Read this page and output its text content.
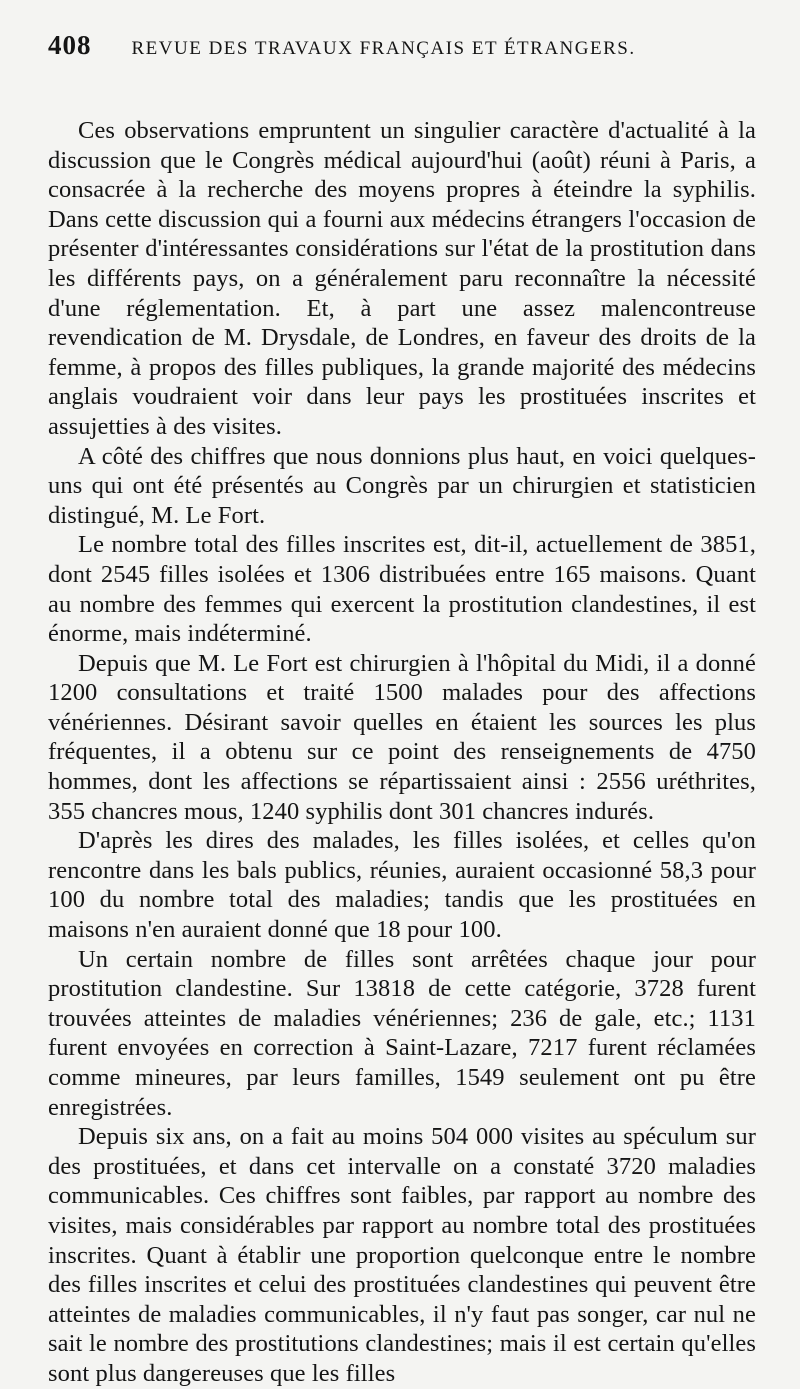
408 REVUE DES TRAVAUX FRANÇAIS ET ÉTRANGERS.

Ces observations empruntent un singulier caractère d'actualité à la discussion que le Congrès médical aujourd'hui (août) réuni à Paris, a consacrée à la recherche des moyens propres à éteindre la syphilis. Dans cette discussion qui a fourni aux médecins étrangers l'occasion de présenter d'intéressantes considérations sur l'état de la prostitution dans les différents pays, on a généralement paru reconnaître la nécessité d'une réglementation. Et, à part une assez malencontreuse revendication de M. Drysdale, de Londres, en faveur des droits de la femme, à propos des filles publiques, la grande majorité des médecins anglais voudraient voir dans leur pays les prostituées inscrites et assujetties à des visites.

A côté des chiffres que nous donnions plus haut, en voici quelques-uns qui ont été présentés au Congrès par un chirurgien et statisticien distingué, M. Le Fort.

Le nombre total des filles inscrites est, dit-il, actuellement de 3851, dont 2545 filles isolées et 1306 distribuées entre 165 maisons. Quant au nombre des femmes qui exercent la prostitution clandestines, il est énorme, mais indéterminé.

Depuis que M. Le Fort est chirurgien à l'hôpital du Midi, il a donné 1200 consultations et traité 1500 malades pour des affections vénériennes. Désirant savoir quelles en étaient les sources les plus fréquentes, il a obtenu sur ce point des renseignements de 4750 hommes, dont les affections se répartissaient ainsi : 2556 uréthrites, 355 chancres mous, 1240 syphilis dont 301 chancres indurés.

D'après les dires des malades, les filles isolées, et celles qu'on rencontre dans les bals publics, réunies, auraient occasionné 58,3 pour 100 du nombre total des maladies; tandis que les prostituées en maisons n'en auraient donné que 18 pour 100.

Un certain nombre de filles sont arrêtées chaque jour pour prostitution clandestine. Sur 13818 de cette catégorie, 3728 furent trouvées atteintes de maladies vénériennes; 236 de gale, etc.; 1131 furent envoyées en correction à Saint-Lazare, 7217 furent réclamées comme mineures, par leurs familles, 1549 seulement ont pu être enregistrées.

Depuis six ans, on a fait au moins 504 000 visites au spéculum sur des prostituées, et dans cet intervalle on a constaté 3720 maladies communicables. Ces chiffres sont faibles, par rapport au nombre des visites, mais considérables par rapport au nombre total des prostituées inscrites. Quant à établir une proportion quelconque entre le nombre des filles inscrites et celui des prostituées clandestines qui peuvent être atteintes de maladies communicables, il n'y faut pas songer, car nul ne sait le nombre des prostitutions clandestines; mais il est certain qu'elles sont plus dangereuses que les filles
